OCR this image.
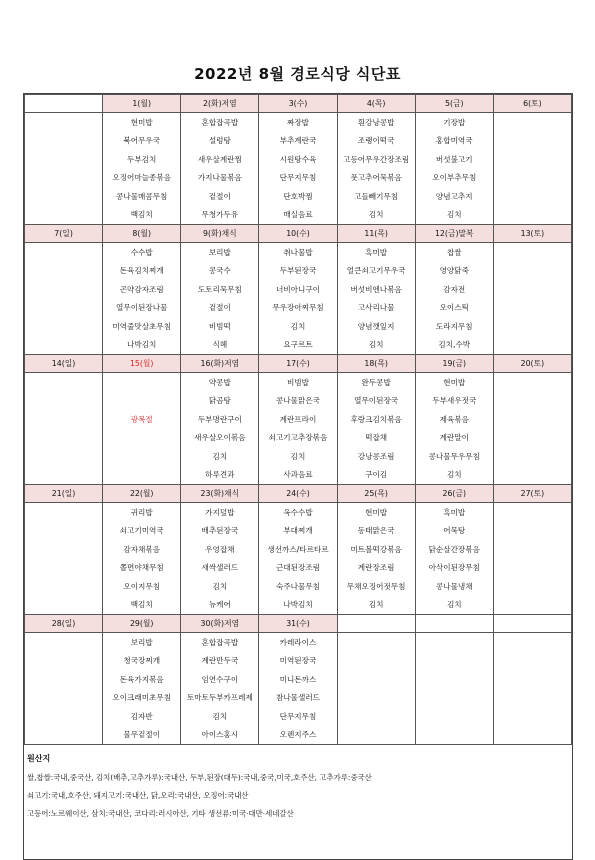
2022년 8월 경로식당 식단표
	1(월)	2(화)저염	3(수)	4(목)	5(금)	6(토)
	현미밥	혼합잡곡밥	짜장밥	흰강낭콩밥	기장밥	
	북어무우국	설렁탕	부추계란국	조랭이떡국	홍합미역국	
	두부김치	새우살계란찜	시원탕수육	고등어무우간장조림	버섯불고기	
	오징어마늘종볶음	가지나물볶음	단무지무침	풋고추어묵볶음	오이부추무침	
	콩나물매콤무침	겉절이	단호박찜	고들빼기무침	양념고추지	
	백김치	무청가두유	매실음료	김치	김치	
7(일)	8(월)	9(화)채식	10(수)	11(목)	12(금)말복	13(토)
	수수밥	보리밥	취나물밥	흑미밥	찹쌀	
	돈육김치찌개	콩국수	두부된장국	얼큰쇠고기무우국	영양닭죽	
	곤약감자조림	도토리묵무침	너비아니구이	버섯비엔나볶음	감자전	
	열무이된장나물	겉절이	무우장아찌무침	고사리나물	오이스틱	
	미역줄맛살초무침	비빔떡	김치	양념깻잎지	도라지무침	
	나박김치	식혜	요구르트	김치	김치,수박	
14(일)	15(월)	16(화)저염	17(수)	18(목)	19(금)	20(토)
		약콩밥	비빔밥	완두콩밥	현미밥	
		닭곰탕	콩나물맑은국	열무이된장국	두부새우젓국	
	광복절	두부명란구이	계란프라이	후랑크김치볶음	제육볶음	
		새우살오이볶음	쇠고기고추장볶음	떡잡채	계란말이	
		김치	김치	강낭콩조림	콩나물무우무침	
		하루견과	사과음료	구이김	김치	
21(일)	22(월)	23(화)채식	24(수)	25(목)	26(금)	27(토)
	귀리밥	가지덮밥	옥수수밥	현미밥	흑미밥	
	쇠고기미역국	배추된장국	부대찌개	동태맑은국	어묵탕	
	감자채볶음	우엉잡채	생선까스/타르타르	미트볼떡강볶음	닭순살간장볶음	
	쫄면야채무침	새싹샐러드	근대된장조림	계란장조림	아삭이된장무침	
	오이지무침	김치	숙주나물무침	무채오징어젓무침	콩나물냉채	
	백김치	뉴케어	나박김치	김치	김치	
28(일)	29(월)	30(화)저염	31(수)			
	보리밥	혼합잡곡밥	카레라이스			
	청국장찌개	계란만두국	미역된장국			
	돈육가지볶음	임연수구이	미니돈까스			
	오이크래미초무침	토마토두부카프레제	참나물샐러드			
	김자반	김치	단무지무침			
	물무겉절이	아이스홍시	오렌지주스			
원산지
쌀,찹쌀:국내,중국산, 김치(배추,고추가루):국내산, 두부,된장(대두):국내,중국,미국,호주산, 고추가루:중국산
쇠고기:국내,호주산, 돼지고기:국내산, 닭,오리:국내산, 오징어:국내산
고등어:노르웨이산, 삼치:국내산, 코다리:러시아산, 기타 생선류:미국·대만·세네갈산
